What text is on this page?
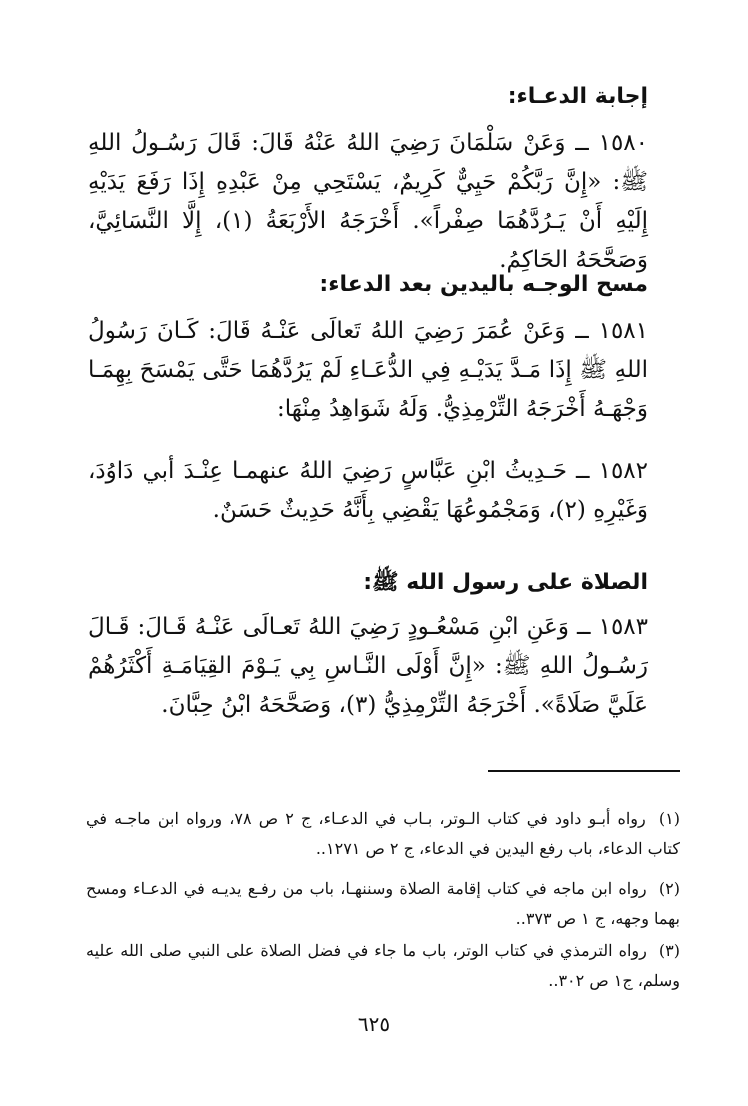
إجابة الدعـاء:
١٥٨٠ ــ وَعَنْ سَلْمَانَ رَضِيَ اللهُ عَنْهُ قَالَ: قَالَ رَسُـولُ اللهِ ﷺ: «إِنَّ رَبَّكُمْ حَيِيٌّ كَرِيمٌ، يَسْتَحِي مِنْ عَبْدِهِ إِذَا رَفَعَ يَدَيْهِ إِلَيْهِ أَنْ يَـرُدَّهُمَا صِفْراً». أَخْرَجَهُ الأَرْبَعَةُ (١)، إِلَّا النَّسَائِيَّ، وَصَحَّحَهُ الحَاكِمُ.
مسح الوجـه باليدين بعد الدعاء:
١٥٨١ ــ وَعَنْ عُمَرَ رَضِيَ اللهُ تَعالَى عَنْـهُ قَالَ: كَـانَ رَسُولُ اللهِ ﷺ إِذَا مَـدَّ يَدَيْـهِ فِي الدُّعَـاءِ لَمْ يَرُدَّهُمَا حَتَّى يَمْسَحَ بِهِمَـا وَجْهَـهُ أَخْرَجَهُ التِّرْمِذِيُّ. وَلَهُ شَوَاهِدُ مِنْهَا:
١٥٨٢ ــ حَـدِيثُ ابْنِ عَبَّاسٍ رَضِيَ اللهُ عنهمـا عِنْـدَ أبي دَاوُدَ، وَغَيْرِهِ (٢)، وَمَجْمُوعُهَا يَقْضِي بِأَنَّهُ حَدِيثٌ حَسَنٌ.
الصلاة على رسول الله ﷺ:
١٥٨٣ ــ وَعَنِ ابْنِ مَسْعُـودٍ رَضِيَ اللهُ تَعـالَى عَنْـهُ قَـالَ: قَـالَ رَسُـولُ اللهِ ﷺ: «إِنَّ أَوْلَى النَّـاسِ بِي يَـوْمَ القِيَامَـةِ أَكْثَرُهُمْ عَلَيَّ صَلَاةً». أَخْرَجَهُ التِّرْمِذِيُّ (٣)، وَصَحَّحَهُ ابْنُ حِبَّانَ.
(١) رواه أبـو داود في كتاب الـوتر، بـاب في الدعـاء، ج ٢ ص ٧٨، ورواه ابن ماجـه في كتاب الدعاء، باب رفع اليدين في الدعاء، ج ٢ ص ١٢٧١..
(٢) رواه ابن ماجه في كتاب إقامة الصلاة وسننهـا، باب من رفـع يديـه في الدعـاء ومسح بهما وجهه، ج ١ ص ٣٧٣..
(٣) رواه الترمذي في كتاب الوتر، باب ما جاء في فضل الصلاة على النبي صلى الله عليه وسلم، ج١ ص ٣٠٢..
٦٢٥
